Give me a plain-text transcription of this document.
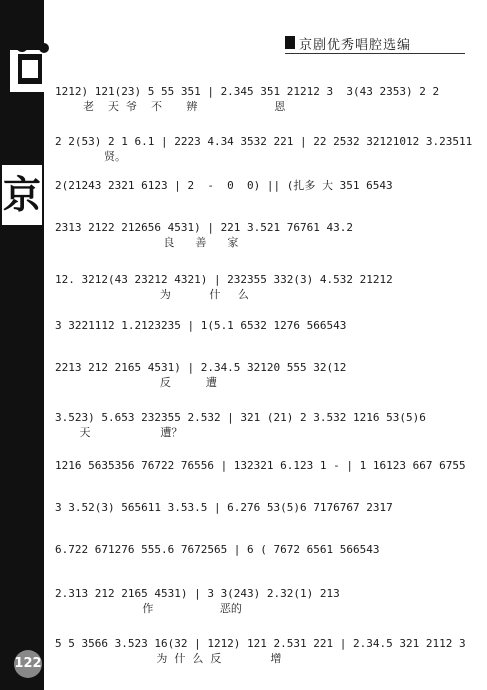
京
京剧优秀唱腔选编
1212) 121(23) 5 55 351 | 2.345 351 21212 3  3(43 2353) 2 2
老    天  爷    不       辨                      恩
2 2(53) 2 1 6.1 | 2223 4.34 3532 221 | 22 2532 32121012 3.23511
贤。
2(21243 2321 6123 | 2  -  0  0) || (扎多 大 351 6543
2313 2122 212656 4531) | 221 3.521 76761 43.2
良      善      家
12. 3212(43 23212 4321) | 232355 332(3) 4.532 21212
为           什     么
3 3221112 1.2123235 | 1(5.1 6532 1276 566543
2213 212 2165 4531) | 2.34.5 32120 555 32(12
反          遭
3.523) 5.653 232355 2.532 | 321 (21) 2 3.532 1216 53(5)6
天                    遭？
1216 5635356 76722 76556 | 132321 6.123 1 - | 1 16123 667 6755
3 3.52(3) 565611 3.53.5 | 6.276 53(5)6 7176767 2317
6.722 671276 555.6 7672565 | 6 ( 7672 6561 566543
2.313 212 2165 4531) | 3 3(243) 2.32(1) 213
作                   恶的
5 5 3566 3.523 16(32 | 1212) 121 2.531 221 | 2.34.5 321 2112 3
为  什  么  反              增
122
